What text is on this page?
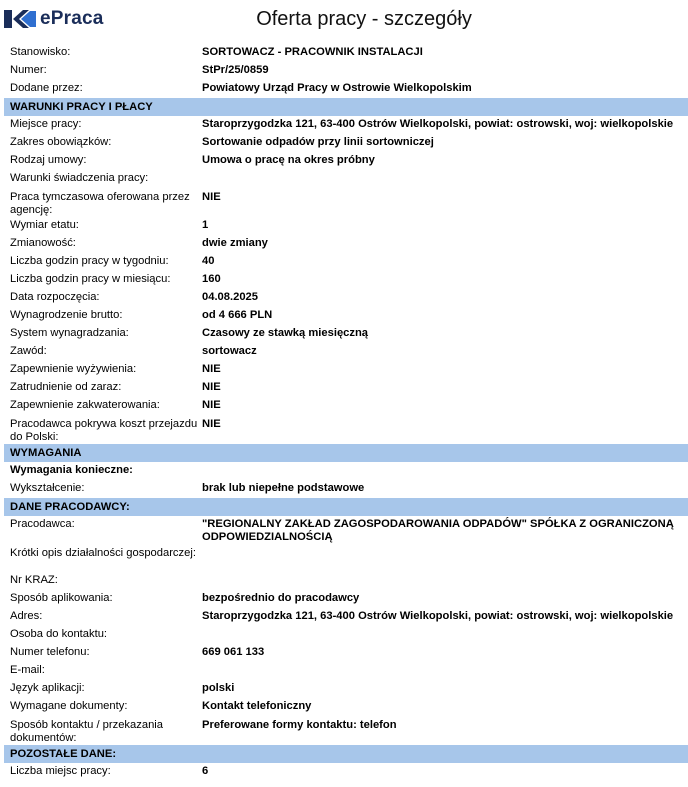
ePraca	Oferta pracy - szczegóły
Stanowisko:	SORTOWACZ - PRACOWNIK INSTALACJI
Numer:	StPr/25/0859
Dodane przez:	Powiatowy Urząd Pracy w Ostrowie Wielkopolskim
WARUNKI PRACY I PŁACY
Miejsce pracy:	Staroprzygodzka 121, 63-400 Ostrów Wielkopolski, powiat: ostrowski, woj: wielkopolskie
Zakres obowiązków:	Sortowanie odpadów przy linii sortowniczej
Rodzaj umowy:	Umowa o pracę na okres próbny
Warunki świadczenia pracy:
Praca tymczasowa oferowana przez agencję:
NIE
Wymiar etatu:	1
Zmianowość:	dwie zmiany
Liczba godzin pracy w tygodniu:	40
Liczba godzin pracy w miesiącu:	160
Data rozpoczęcia:	04.08.2025
Wynagrodzenie brutto:	od 4 666 PLN
System wynagradzania:	Czasowy ze stawką miesięczną
Zawód:	sortowacz
Zapewnienie wyżywienia:	NIE
Zatrudnienie od zaraz:	NIE
Zapewnienie zakwaterowania:	NIE
Pracodawca pokrywa koszt przejazdu do Polski:
NIE
WYMAGANIA
Wymagania konieczne:
Wykształcenie:	brak lub niepełne podstawowe
DANE PRACODAWCY:
Pracodawca:	"REGIONALNY ZAKŁAD ZAGOSPODAROWANIA ODPADÓW" SPÓŁKA Z OGRANICZONĄ ODPOWIEDZIALNOŚCIĄ
Krótki opis działalności gospodarczej:
Nr KRAZ:
Sposób aplikowania:	bezpośrednio do pracodawcy
Adres:	Staroprzygodzka 121, 63-400 Ostrów Wielkopolski, powiat: ostrowski, woj: wielkopolskie
Osoba do kontaktu:
Numer telefonu:	669 061 133
E-mail:
Język aplikacji:	polski
Wymagane dokumenty:	Kontakt telefoniczny
Sposób kontaktu / przekazania dokumentów:
Preferowane formy kontaktu: telefon
POZOSTAŁE DANE:
Liczba miejsc pracy:	6
